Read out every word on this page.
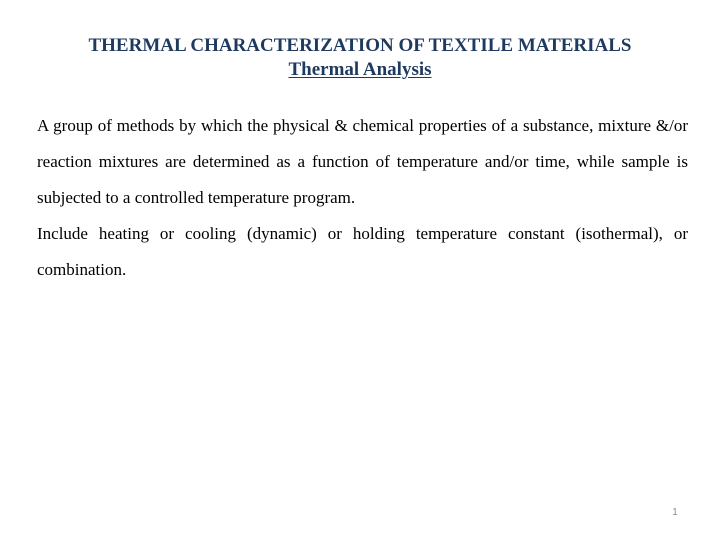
THERMAL CHARACTERIZATION OF TEXTILE MATERIALS
Thermal Analysis

A group of methods by which the physical & chemical properties of a substance, mixture &/or reaction mixtures are determined as a function of temperature and/or time, while sample is subjected to a controlled temperature program.

Include heating or cooling (dynamic) or holding temperature constant (isothermal), or combination.

1
